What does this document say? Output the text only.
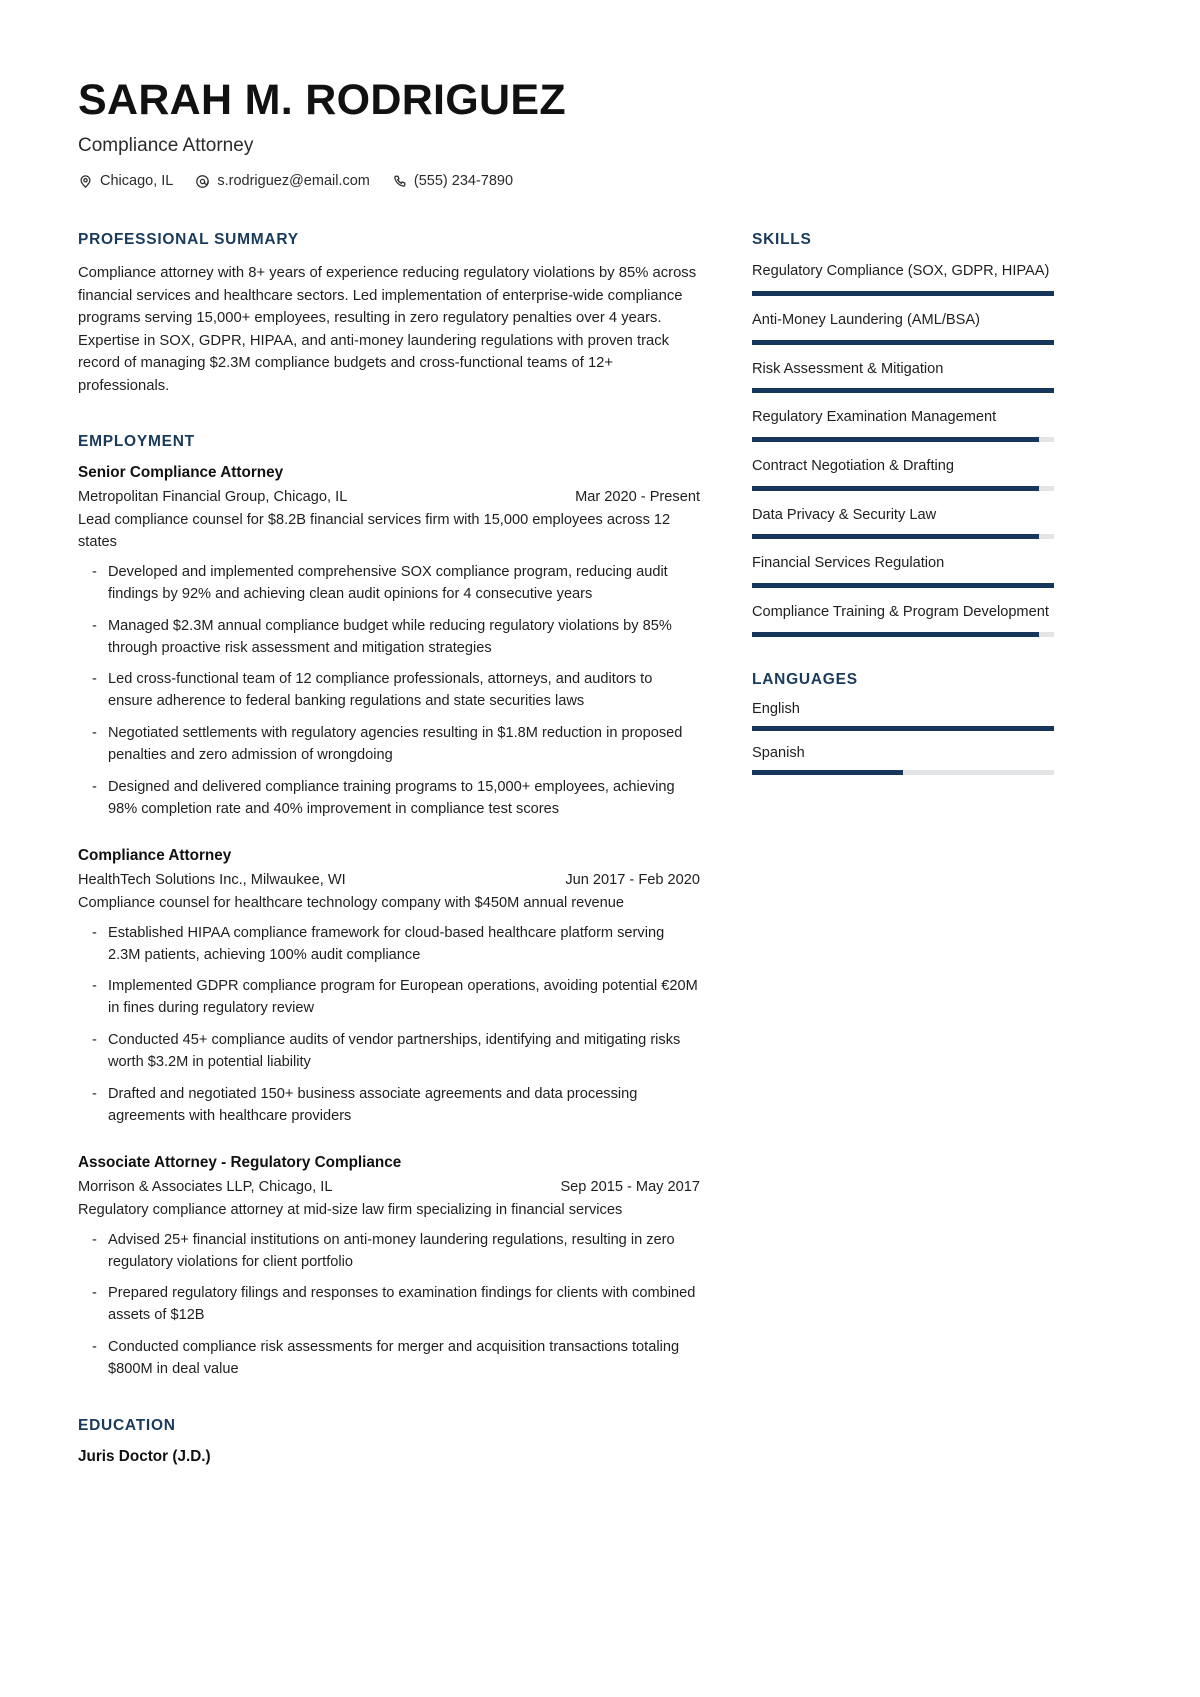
SARAH M. RODRIGUEZ
Compliance Attorney
Chicago, IL	s.rodriguez@email.com	(555) 234-7890
PROFESSIONAL SUMMARY

Compliance attorney with 8+ years of experience reducing regulatory violations by 85% across financial services and healthcare sectors. Led implementation of enterprise-wide compliance programs serving 15,000+ employees, resulting in zero regulatory penalties over 4 years. Expertise in SOX, GDPR, HIPAA, and anti-money laundering regulations with proven track record of managing $2.3M compliance budgets and cross-functional teams of 12+ professionals.

EMPLOYMENT
Senior Compliance Attorney
Metropolitan Financial Group, Chicago, IL	Mar 2020 - Present
Lead compliance counsel for $8.2B financial services firm with 15,000 employees across 12 states
- Developed and implemented comprehensive SOX compliance program, reducing audit findings by 92% and achieving clean audit opinions for 4 consecutive years
- Managed $2.3M annual compliance budget while reducing regulatory violations by 85% through proactive risk assessment and mitigation strategies
- Led cross-functional team of 12 compliance professionals, attorneys, and auditors to ensure adherence to federal banking regulations and state securities laws
- Negotiated settlements with regulatory agencies resulting in $1.8M reduction in proposed penalties and zero admission of wrongdoing
- Designed and delivered compliance training programs to 15,000+ employees, achieving 98% completion rate and 40% improvement in compliance test scores
Compliance Attorney
HealthTech Solutions Inc., Milwaukee, WI	Jun 2017 - Feb 2020
Compliance counsel for healthcare technology company with $450M annual revenue
- Established HIPAA compliance framework for cloud-based healthcare platform serving 2.3M patients, achieving 100% audit compliance
- Implemented GDPR compliance program for European operations, avoiding potential €20M in fines during regulatory review
- Conducted 45+ compliance audits of vendor partnerships, identifying and mitigating risks worth $3.2M in potential liability
- Drafted and negotiated 150+ business associate agreements and data processing agreements with healthcare providers
Associate Attorney - Regulatory Compliance
Morrison & Associates LLP, Chicago, IL	Sep 2015 - May 2017
Regulatory compliance attorney at mid-size law firm specializing in financial services
- Advised 25+ financial institutions on anti-money laundering regulations, resulting in zero regulatory violations for client portfolio
- Prepared regulatory filings and responses to examination findings for clients with combined assets of $12B
- Conducted compliance risk assessments for merger and acquisition transactions totaling $800M in deal value
EDUCATION
Juris Doctor (J.D.)
SKILLS
Regulatory Compliance (SOX, GDPR, HIPAA)
Anti-Money Laundering (AML/BSA)
Risk Assessment & Mitigation
Regulatory Examination Management
Contract Negotiation & Drafting
Data Privacy & Security Law
Financial Services Regulation
Compliance Training & Program Development
LANGUAGES
English
Spanish
